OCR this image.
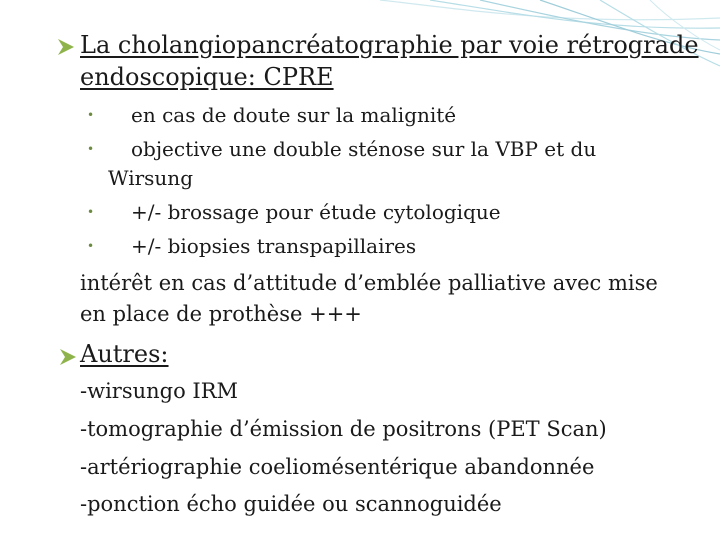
La cholangiopancréatographie par voie rétrograde
endoscopique: CPRE
• en cas de doute sur la malignité
• objective une double sténose sur la VBP et du
Wirsung
• +/- brossage pour étude cytologique
• +/- biopsies transpapillaires
intérêt en cas d’attitude d’emblée palliative avec mise
en place de prothèse +++
Autres:
-wirsungo IRM
-tomographie d’émission de positrons (PET Scan)
-artériographie coeliomésentérique abandonnée
-ponction écho guidée ou scannoguidée
